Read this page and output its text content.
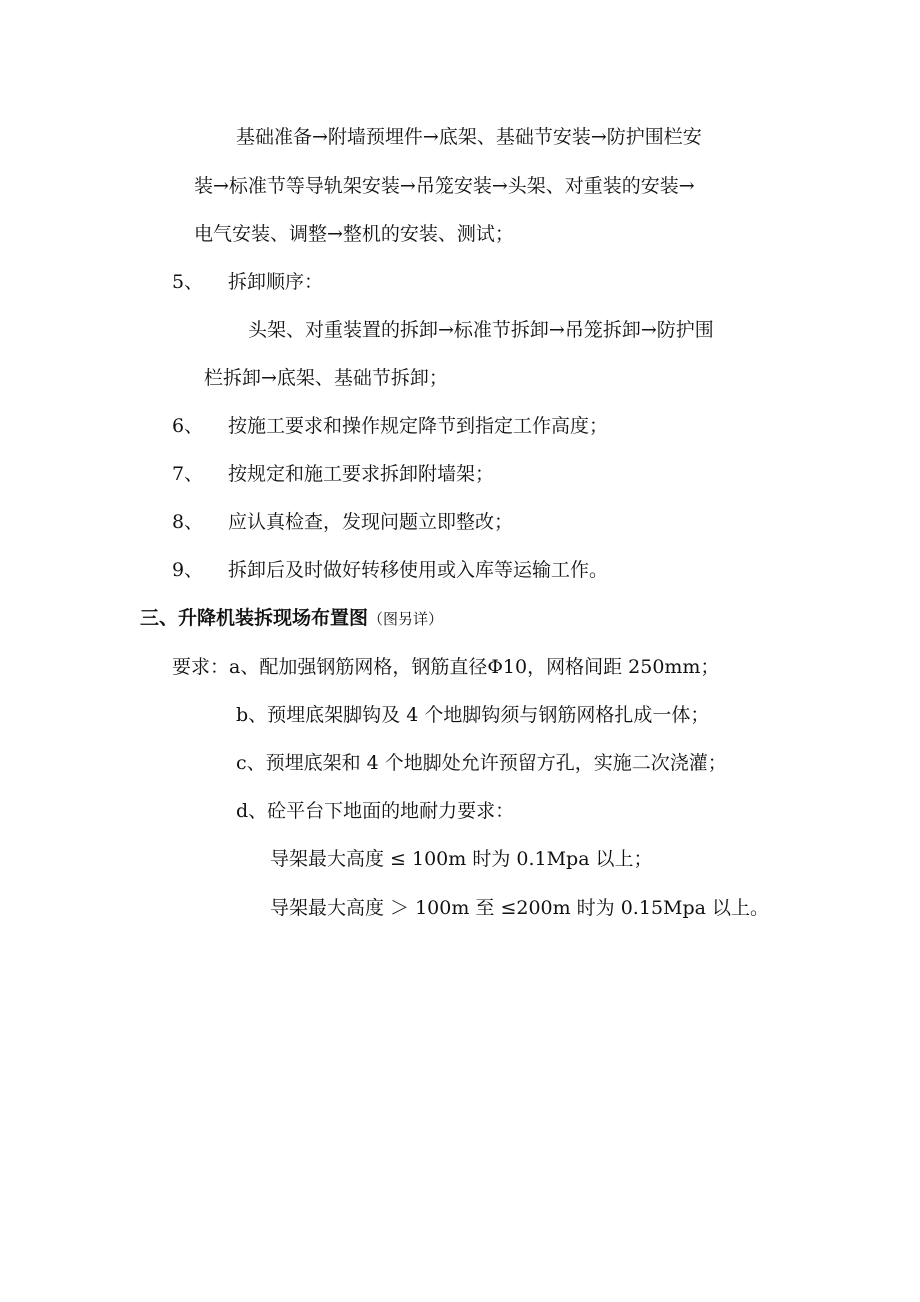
基础准备→附墙预埋件→底架、基础节安装→防护围栏安
装→标准节等导轨架安装→吊笼安装→头架、对重装的安装→
电气安装、调整→整机的安装、测试；
5、 拆卸顺序：
头架、对重装置的拆卸→标准节拆卸→吊笼拆卸→防护围
栏拆卸→底架、基础节拆卸；
6、 按施工要求和操作规定降节到指定工作高度；
7、 按规定和施工要求拆卸附墙架；
8、 应认真检查，发现问题立即整改；
9、 拆卸后及时做好转移使用或入库等运输工作。
三、升降机装拆现场布置图（图另详）
要求：a、配加强钢筋网格，钢筋直径Φ10，网格间距 250mm；
b、预埋底架脚钩及 4 个地脚钩须与钢筋网格扎成一体；
c、预埋底架和 4 个地脚处允许预留方孔，实施二次浇灌；
d、砼平台下地面的地耐力要求：
导架最大高度 ≤ 100m 时为 0.1Mpa 以上；
导架最大高度 ＞ 100m 至 ≤200m 时为 0.15Mpa 以上。
